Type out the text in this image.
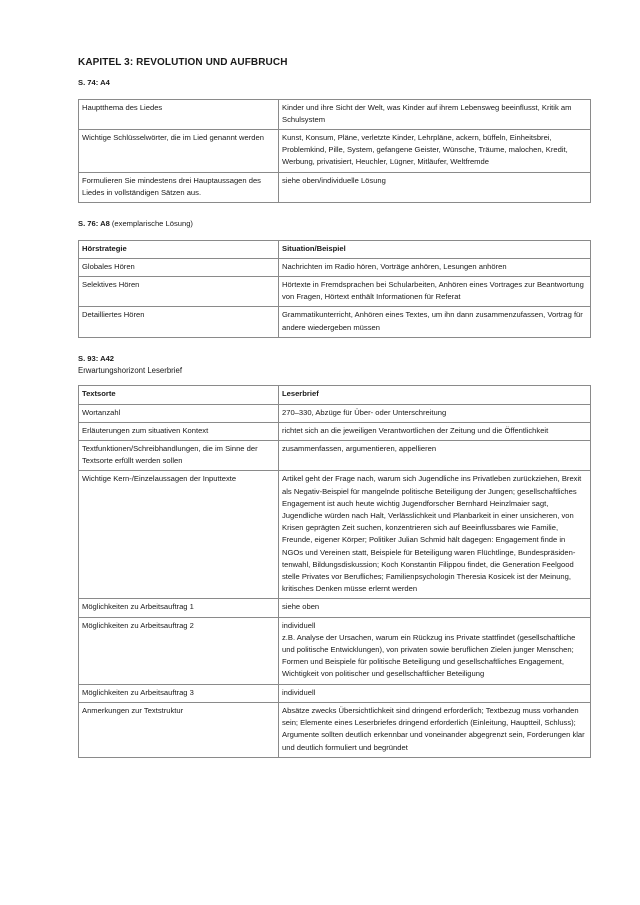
KAPITEL 3: REVOLUTION UND AUFBRUCH
S. 74: A4
Hauptthema des Liedes	Kinder und ihre Sicht der Welt, was Kinder auf ihrem Lebensweg beeinflusst, Kritik am Schulsystem
Wichtige Schlüsselwörter, die im Lied genannt werden	Kunst, Konsum, Pläne, verletzte Kinder, Lehrpläne, ackern, büffeln, Einheitsbrei, Problemkind, Pille, System, gefangene Geister, Wünsche, Träume, malochen, Kredit, Werbung, privatisiert, Heuchler, Lügner, Mitläufer, Weltfremde
Formulieren Sie mindestens drei Hauptaussagen des Liedes in vollständigen Sätzen aus.	siehe oben/individuelle Lösung
S. 76: A8 (exemplarische Lösung)
Hörstrategie	Situation/Beispiel
Globales Hören	Nachrichten im Radio hören, Vorträge anhören, Lesungen anhören
Selektives Hören	Hörtexte in Fremdsprachen bei Schularbeiten, Anhören eines Vortrages zur Beantwortung von Fragen, Hörtext enthält Informationen für Referat
Detailliertes Hören	Grammatikunterricht, Anhören eines Textes, um ihn dann zusammenzufassen, Vortrag für andere wiedergeben müssen
S. 93: A42
Erwartungshorizont Leserbrief
Textsorte	Leserbrief
Wortanzahl	270–330, Abzüge für Über- oder Unterschreitung
Erläuterungen zum situativen Kontext	richtet sich an die jeweiligen Verantwortlichen der Zeitung und die Öffentlichkeit
Textfunktionen/Schreibhandlungen, die im Sinne der Textsorte erfüllt werden sollen	zusammenfassen, argumentieren, appellieren
Wichtige Kern-/Einzelaussagen der Inputtexte	Artikel geht der Frage nach, warum sich Jugendliche ins Privatleben zurückziehen, Brexit als Negativ-Beispiel für mangelnde politische Beteiligung der Jungen; gesellschaftliches Engagement ist auch heute wichtig Jugendforscher Bernhard Heinzlmaier sagt, Jugendliche würden nach Halt, Verlässlichkeit und Planbarkeit in einer unsicheren, von Krisen geprägten Zeit suchen, konzentrieren sich auf Beeinflussbares wie Familie, Freunde, eigener Körper; Politiker Julian Schmid hält dagegen: Engagement finde in NGOs und Vereinen statt, Beispiele für Beteiligung waren Flüchtlinge, Bundespräsidentenwahl, Bildungsdiskussion; Koch Konstantin Filippou findet, die Generation Feelgood stelle Privates vor Berufliches; Familienpsychologin Theresia Kosicek ist der Meinung, kritisches Denken müsse erlernt werden
Möglichkeiten zu Arbeitsauftrag 1	siehe oben
Möglichkeiten zu Arbeitsauftrag 2	individuell
z.B. Analyse der Ursachen, warum ein Rückzug ins Private stattfindet (gesellschaftliche und politische Entwicklungen), von privaten sowie beruflichen Zielen junger Menschen; Formen und Beispiele für politische Beteiligung und gesellschaftliches Engagement, Wichtigkeit von politischer und gesellschaftlicher Beteiligung
Möglichkeiten zu Arbeitsauftrag 3	individuell
Anmerkungen zur Textstruktur	Absätze zwecks Übersichtlichkeit sind dringend erforderlich; Textbezug muss vorhanden sein; Elemente eines Leserbriefes dringend erforderlich (Einleitung, Hauptteil, Schluss); Argumente sollten deutlich erkennbar und voneinander abgegrenzt sein, Forderungen klar und deutlich formuliert und begründet
